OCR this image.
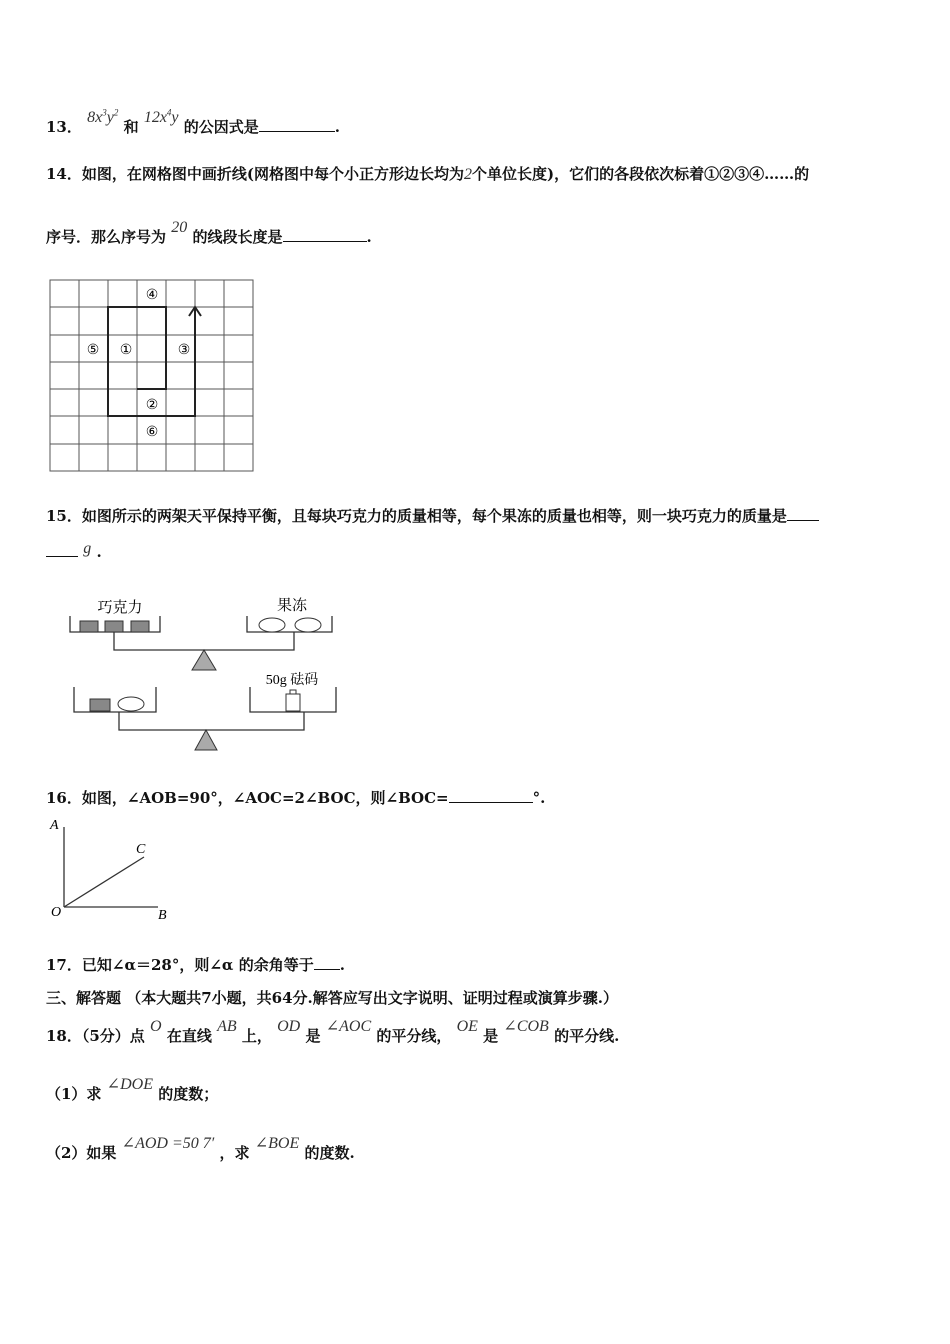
13． $8x^3y^2$ 和 $12x^4y$ 的公因式是	.
14．如图，在网格图中画折线(网格图中每个小正方形边长均为2个单位长度)，它们的各段依次标着①②③④……的
序号．那么序号为 20 的线段长度是	.
④
⑤ ①	③
②
⑥
15．如图所示的两架天平保持平衡，且每块巧克力的质量相等，每个果冻的质量也相等，则一块巧克力的质量是
g .
巧克力	果冻
50g 砝码
16．如图，∠AOB=90°，∠AOC=2∠BOC，则∠BOC=	°.
A
C
O	B
17．已知∠α＝28°，则∠α 的余角等于 .
三、解答题 （本大题共7小题，共64分.解答应写出文字说明、证明过程或演算步骤.）
18．（5分）点 O 在直线 AB 上， OD 是 ∠AOC 的平分线， OE 是 ∠COB 的平分线.
（1）求 ∠DOE 的度数；
（2）如果 ∠AOD =50 7′ ，求 ∠BOE 的度数.
